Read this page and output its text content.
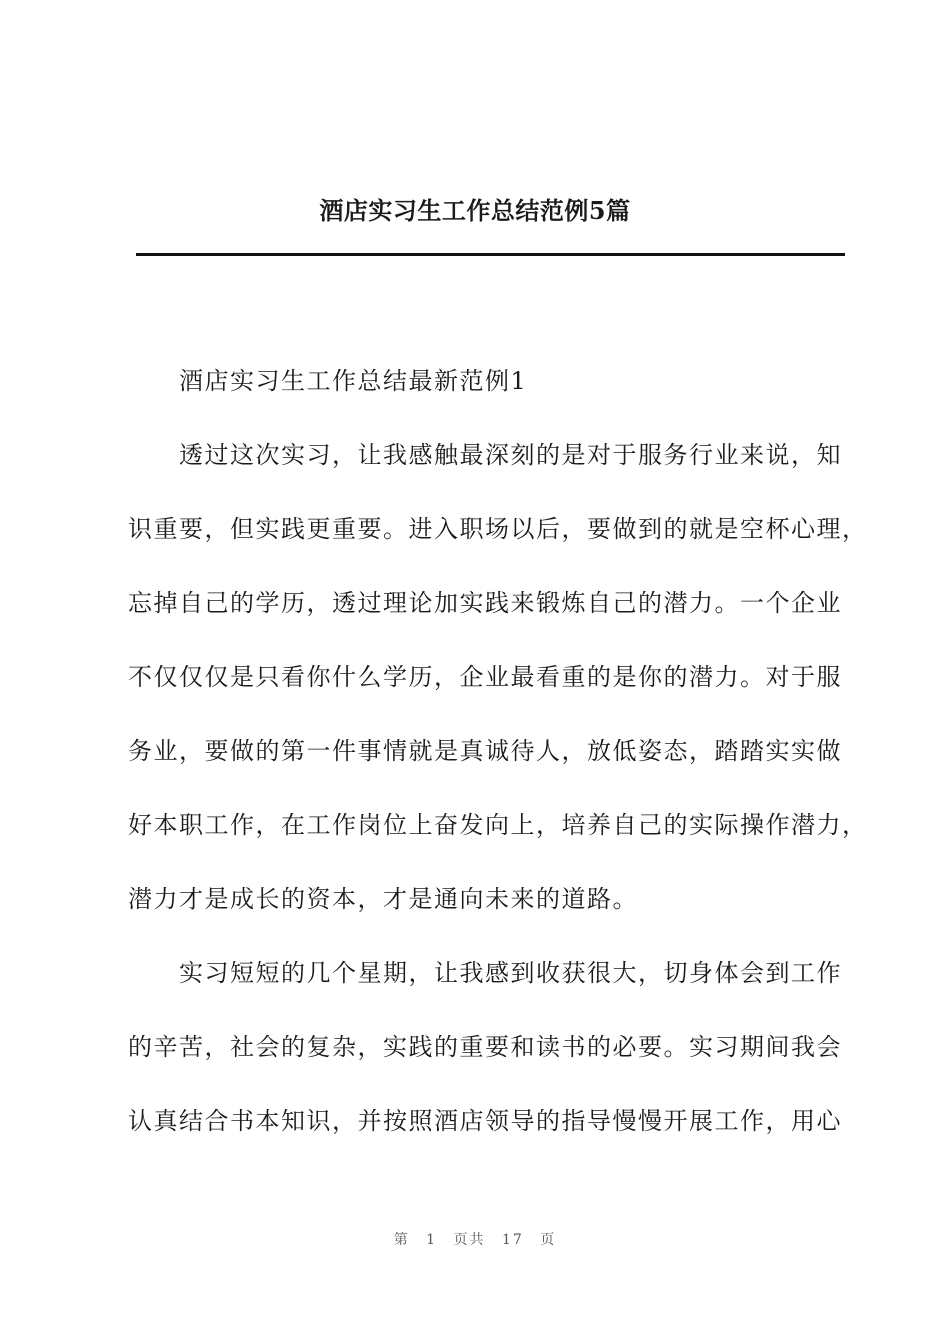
酒店实习生工作总结范例5篇
酒店实习生工作总结最新范例1
透过这次实习，让我感触最深刻的是对于服务行业来说，知
识重要，但实践更重要。进入职场以后，要做到的就是空杯心理，
忘掉自己的学历，透过理论加实践来锻炼自己的潜力。一个企业
不仅仅仅是只看你什么学历，企业最看重的是你的潜力。对于服
务业，要做的第一件事情就是真诚待人，放低姿态，踏踏实实做
好本职工作，在工作岗位上奋发向上，培养自己的实际操作潜力，
潜力才是成长的资本，才是通向未来的道路。
实习短短的几个星期，让我感到收获很大，切身体会到工作
的辛苦，社会的复杂，实践的重要和读书的必要。实习期间我会
认真结合书本知识，并按照酒店领导的指导慢慢开展工作，用心
第 1 页共 17 页
